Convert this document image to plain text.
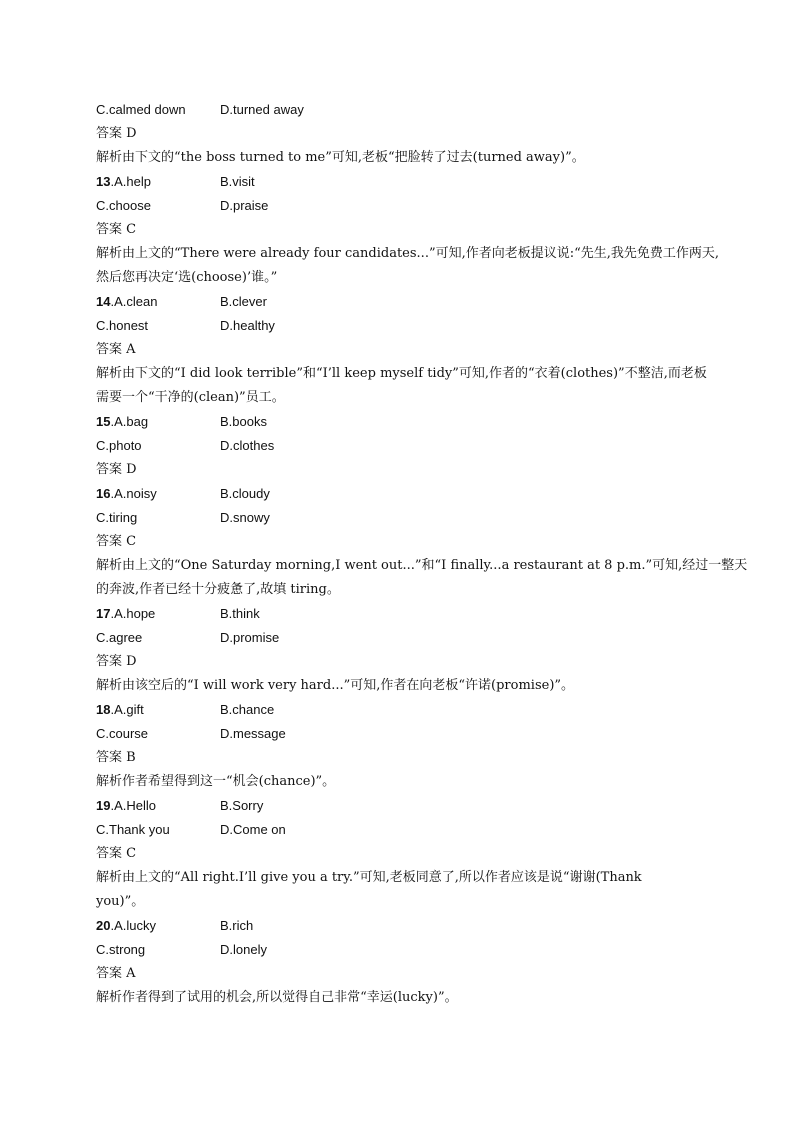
C.calmed down	D.turned away
答案 D
解析由下文的“the boss turned to me”可知,老板“把脸转了过去(turned away)”。
13.A.help	B.visit
C.choose	D.praise
答案 C
解析由上文的“There were already four candidates...”可知,作者向老板提议说:“先生,我先免费工作两天,
然后您再决定‘选(choose)’谁。”
14.A.clean	B.clever
C.honest	D.healthy
答案 A
解析由下文的“I did look terrible”和“I’ll keep myself tidy”可知,作者的“衣着(clothes)”不整洁,而老板
需要一个“干净的(clean)”员工。
15.A.bag	B.books
C.photo	D.clothes
答案 D
16.A.noisy	B.cloudy
C.tiring	D.snowy
答案 C
解析由上文的“One Saturday morning,I went out...”和“I finally...a restaurant at 8 p.m.”可知,经过一整天
的奔波,作者已经十分疲惫了,故填 tiring。
17.A.hope	B.think
C.agree	D.promise
答案 D
解析由该空后的“I will work very hard...”可知,作者在向老板“许诺(promise)”。
18.A.gift	B.chance
C.course	D.message
答案 B
解析作者希望得到这一“机会(chance)”。
19.A.Hello	B.Sorry
C.Thank you	D.Come on
答案 C
解析由上文的“All right.I’ll give you a try.”可知,老板同意了,所以作者应该是说“谢谢(Thank
you)”。
20.A.lucky	B.rich
C.strong	D.lonely
答案 A
解析作者得到了试用的机会,所以觉得自己非常“幸运(lucky)”。
